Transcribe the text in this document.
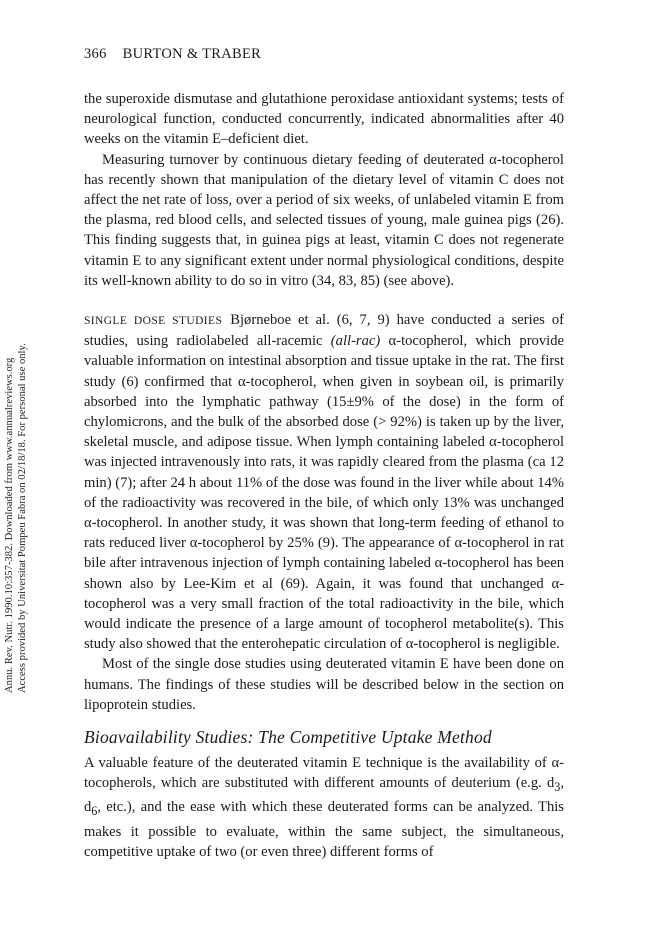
366 BURTON & TRABER
Annu. Rev. Nutr. 1990.10:357-382. Downloaded from www.annualreviews.org Access provided by Universitat Pompeu Fabra on 02/18/18. For personal use only.

the superoxide dismutase and glutathione peroxidase antioxidant systems; tests of neurological function, conducted concurrently, indicated abnormalities after 40 weeks on the vitamin E–deficient diet.

Measuring turnover by continuous dietary feeding of deuterated α-tocopherol has recently shown that manipulation of the dietary level of vitamin C does not affect the net rate of loss, over a period of six weeks, of unlabeled vitamin E from the plasma, red blood cells, and selected tissues of young, male guinea pigs (26). This finding suggests that, in guinea pigs at least, vitamin C does not regenerate vitamin E to any significant extent under normal physiological conditions, despite its well-known ability to do so in vitro (34, 83, 85) (see above).

SINGLE DOSE STUDIES Bjørneboe et al. (6, 7, 9) have conducted a series of studies, using radiolabeled all-racemic (all-rac) α-tocopherol, which provide valuable information on intestinal absorption and tissue uptake in the rat. The first study (6) confirmed that α-tocopherol, when given in soybean oil, is primarily absorbed into the lymphatic pathway (15±9% of the dose) in the form of chylomicrons, and the bulk of the absorbed dose (> 92%) is taken up by the liver, skeletal muscle, and adipose tissue. When lymph containing labeled α-tocopherol was injected intravenously into rats, it was rapidly cleared from the plasma (ca 12 min) (7); after 24 h about 11% of the dose was found in the liver while about 14% of the radioactivity was recovered in the bile, of which only 13% was unchanged α-tocopherol. In another study, it was shown that long-term feeding of ethanol to rats reduced liver α-tocopherol by 25% (9). The appearance of α-tocopherol in rat bile after intravenous injection of lymph containing labeled α-tocopherol has been shown also by Lee-Kim et al (69). Again, it was found that unchanged α-tocopherol was a very small fraction of the total radioactivity in the bile, which would indicate the presence of a large amount of tocopherol metabolite(s). This study also showed that the enterohepatic circulation of α-tocopherol is negligible.

Most of the single dose studies using deuterated vitamin E have been done on humans. The findings of these studies will be described below in the section on lipoprotein studies.

Bioavailability Studies: The Competitive Uptake Method

A valuable feature of the deuterated vitamin E technique is the availability of α-tocopherols, which are substituted with different amounts of deuterium (e.g. $d_3$, $d_6$, etc.), and the ease with which these deuterated forms can be analyzed. This makes it possible to evaluate, within the same subject, the simultaneous, competitive uptake of two (or even three) different forms of
